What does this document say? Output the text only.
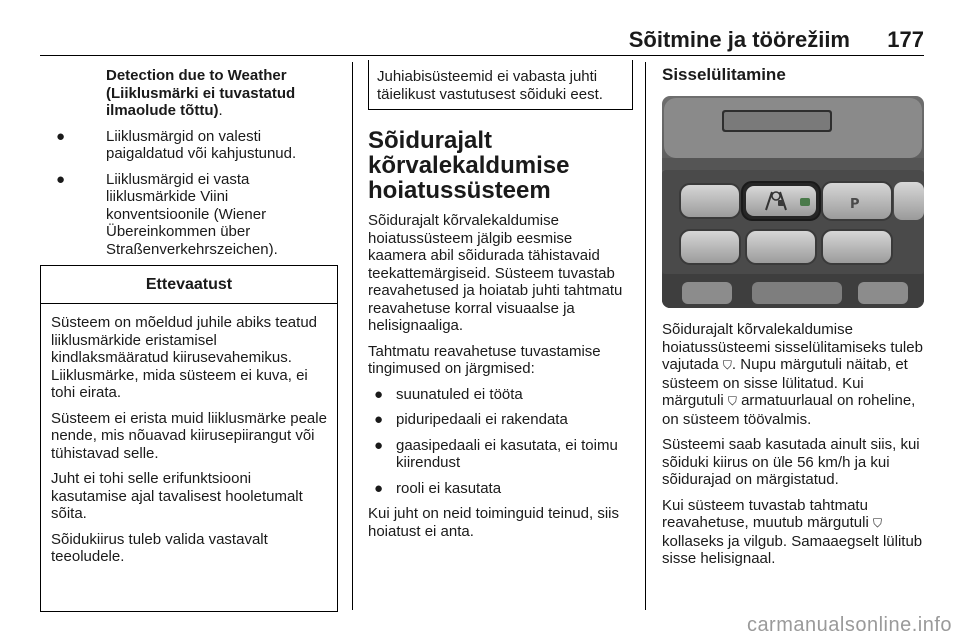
Sõitmine ja töörežiim	177

Detection due to Weather (Liiklusmärki ei tuvastatud ilmaolude tõttu).

●	Liiklusmärgid on valesti paigaldatud või kahjustunud.
●	Liiklusmärgid ei vasta liiklusmärkide Viini konventsioonile (Wiener Übereinkommen über Straßenverkehrszeichen).
Ettevaatust

Süsteem on mõeldud juhile abiks teatud liiklusmärkide eristamisel kindlaksmääratud kiirusevahemikus. Liiklusmärke, mida süsteem ei kuva, ei tohi eirata.

Süsteem ei erista muid liiklusmärke peale nende, mis nõuavad kiirusepiirangut või tühistavad selle.

Juht ei tohi selle erifunktsiooni kasutamise ajal tavalisest hooletumalt sõita.

Sõidukiirus tuleb valida vastavalt teeoludele.

Juhiabisüsteemid ei vabasta juhti täielikust vastutusest sõiduki eest.
Sõidurajalt kõrvalekaldumise hoiatussüsteem

Sõidurajalt kõrvalekaldumise hoiatussüsteem jälgib eesmise kaamera abil sõidurada tähistavaid teekattemärgiseid. Süsteem tuvastab reavahetused ja hoiatab juhti tahtmatu reavahetuse korral visuaalse ja helisignaaliga.

Tahtmatu reavahetuse tuvastamise tingimused on järgmised:

● suunatuled ei tööta
● piduripedaali ei rakendata
● gaasipedaali ei kasutata, ei toimu kiirendust
● rooli ei kasutata

Kui juht on neid toiminguid teinud, siis hoiatust ei anta.

Sisselülitamine
P

Sõidurajalt kõrvalekaldumise hoiatussüsteemi sisselülitamiseks tuleb vajutada ⛉. Nupu märgutuli näitab, et süsteem on sisse lülitatud. Kui märgutuli ⛉ armatuurlaual on roheline, on süsteem töövalmis.

Süsteemi saab kasutada ainult siis, kui sõiduki kiirus on üle 56 km/h ja kui sõidurajad on märgistatud.

Kui süsteem tuvastab tahtmatu reavahetuse, muutub märgutuli ⛉ kollaseks ja vilgub. Samaaegselt lülitub sisse helisignaal.

carmanualsonline.info
